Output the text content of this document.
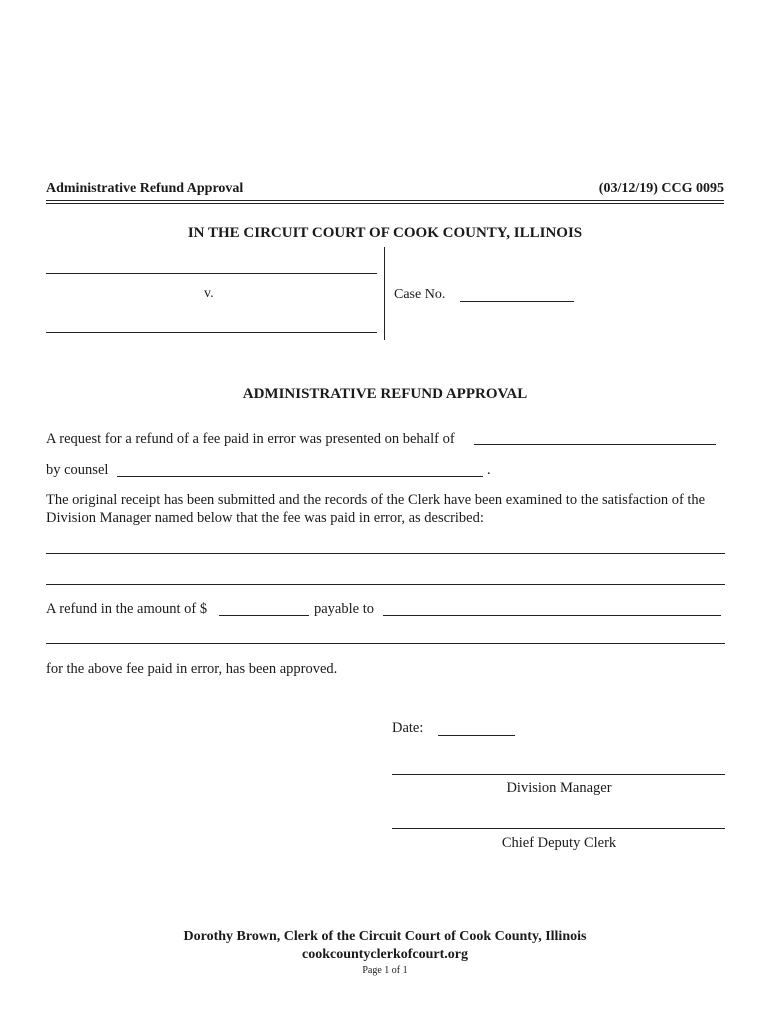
Administrative Refund Approval	(03/12/19) CCG 0095
IN THE CIRCUIT COURT OF COOK COUNTY, ILLINOIS
v.	Case No.
ADMINISTRATIVE REFUND APPROVAL
A request for a refund of a fee paid in error was presented on behalf of
by counsel	.
The original receipt has been submitted and the records of the Clerk have been examined to the satisfaction of the Division Manager named below that the fee was paid in error, as described:
A refund in the amount of $	payable to
for the above fee paid in error, has been approved.
Date:
Division Manager
Chief Deputy Clerk
Dorothy Brown, Clerk of the Circuit Court of Cook County, Illinois
cookcountyclerkofcourt.org
Page 1 of 1
